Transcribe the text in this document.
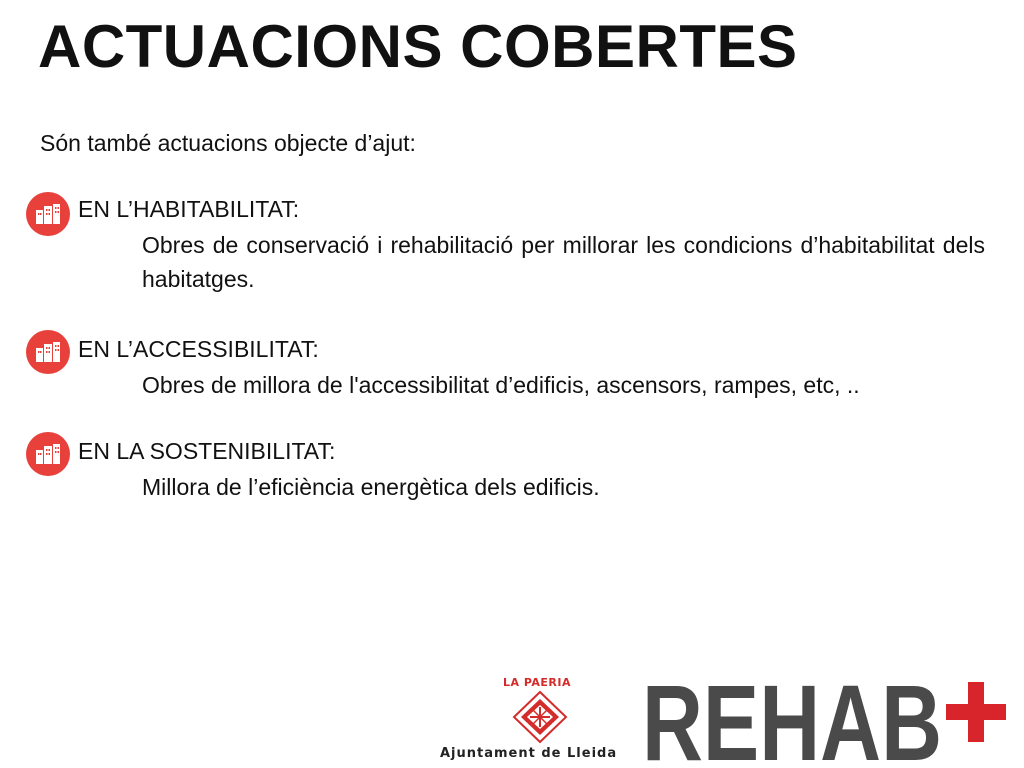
ACTUACIONS COBERTES
Són també actuacions objecte d’ajut:
EN L’HABITABILITAT:
Obres de conservació i rehabilitació per millorar les condicions d’habitabilitat dels habitatges.
EN L’ACCESSIBILITAT:
Obres de millora de l'accessibilitat d’edificis, ascensors, rampes, etc, ..
EN LA SOSTENIBILITAT:
Millora de l’eficiència energètica dels edificis.
LA PAERIA
Ajuntament de Lleida REHAB
